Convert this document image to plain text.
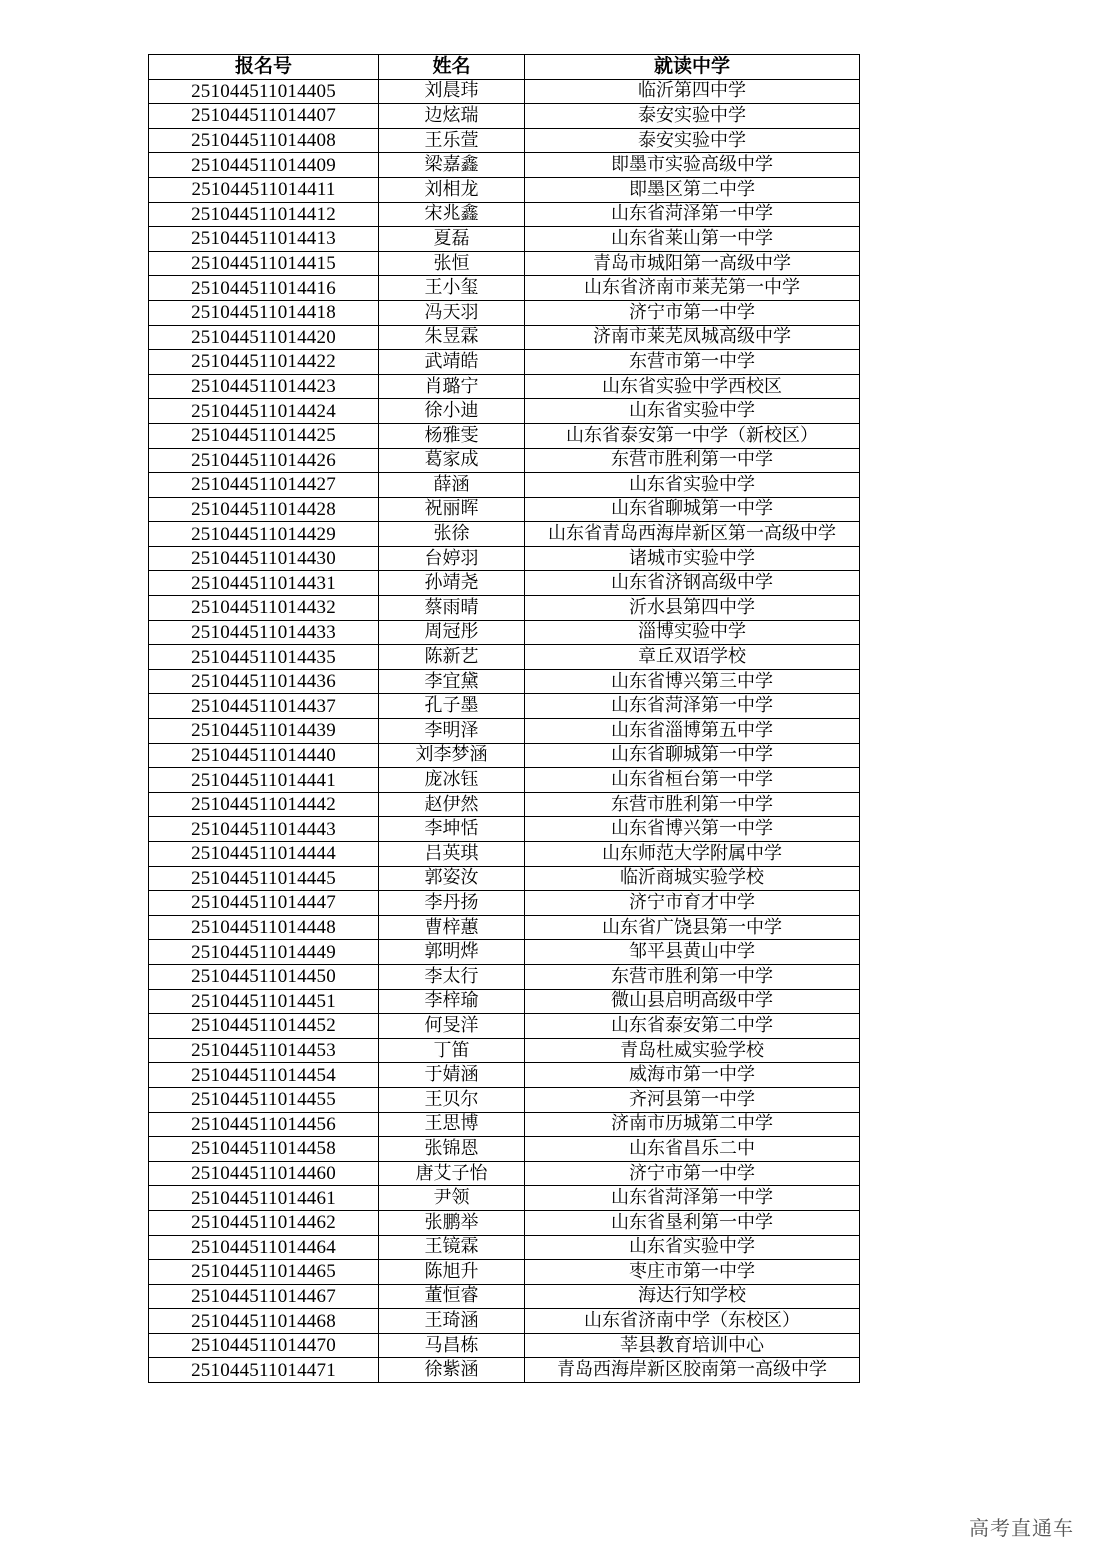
报名号	姓名	就读中学
251044511014405	刘晨玮	临沂第四中学
251044511014407	边炫瑞	泰安实验中学
251044511014408	王乐萱	泰安实验中学
251044511014409	梁嘉鑫	即墨市实验高级中学
251044511014411	刘相龙	即墨区第二中学
251044511014412	宋兆鑫	山东省菏泽第一中学
251044511014413	夏磊	山东省莱山第一中学
251044511014415	张恒	青岛市城阳第一高级中学
251044511014416	王小玺	山东省济南市莱芜第一中学
251044511014418	冯天羽	济宁市第一中学
251044511014420	朱昱霖	济南市莱芜凤城高级中学
251044511014422	武靖皓	东营市第一中学
251044511014423	肖璐宁	山东省实验中学西校区
251044511014424	徐小迪	山东省实验中学
251044511014425	杨雅雯	山东省泰安第一中学（新校区）
251044511014426	葛家成	东营市胜利第一中学
251044511014427	薛涵	山东省实验中学
251044511014428	祝丽晖	山东省聊城第一中学
251044511014429	张徐	山东省青岛西海岸新区第一高级中学
251044511014430	台婷羽	诸城市实验中学
251044511014431	孙靖尧	山东省济钢高级中学
251044511014432	蔡雨晴	沂水县第四中学
251044511014433	周冠彤	淄博实验中学
251044511014435	陈新艺	章丘双语学校
251044511014436	李宜黛	山东省博兴第三中学
251044511014437	孔子墨	山东省菏泽第一中学
251044511014439	李明泽	山东省淄博第五中学
251044511014440	刘李梦涵	山东省聊城第一中学
251044511014441	庞冰钰	山东省桓台第一中学
251044511014442	赵伊然	东营市胜利第一中学
251044511014443	李坤恬	山东省博兴第一中学
251044511014444	吕英琪	山东师范大学附属中学
251044511014445	郭姿汝	临沂商城实验学校
251044511014447	李丹扬	济宁市育才中学
251044511014448	曹梓蕙	山东省广饶县第一中学
251044511014449	郭明烨	邹平县黄山中学
251044511014450	李太行	东营市胜利第一中学
251044511014451	李梓瑜	微山县启明高级中学
251044511014452	何旻洋	山东省泰安第二中学
251044511014453	丁笛	青岛杜威实验学校
251044511014454	于婧涵	威海市第一中学
251044511014455	王贝尔	齐河县第一中学
251044511014456	王思博	济南市历城第二中学
251044511014458	张锦恩	山东省昌乐二中
251044511014460	唐艾子怡	济宁市第一中学
251044511014461	尹领	山东省菏泽第一中学
251044511014462	张鹏举	山东省垦利第一中学
251044511014464	王镜霖	山东省实验中学
251044511014465	陈旭升	枣庄市第一中学
251044511014467	董恒睿	海达行知学校
251044511014468	王琦涵	山东省济南中学（东校区）
251044511014470	马昌栋	莘县教育培训中心
251044511014471	徐紫涵	青岛西海岸新区胶南第一高级中学
高考直通车
